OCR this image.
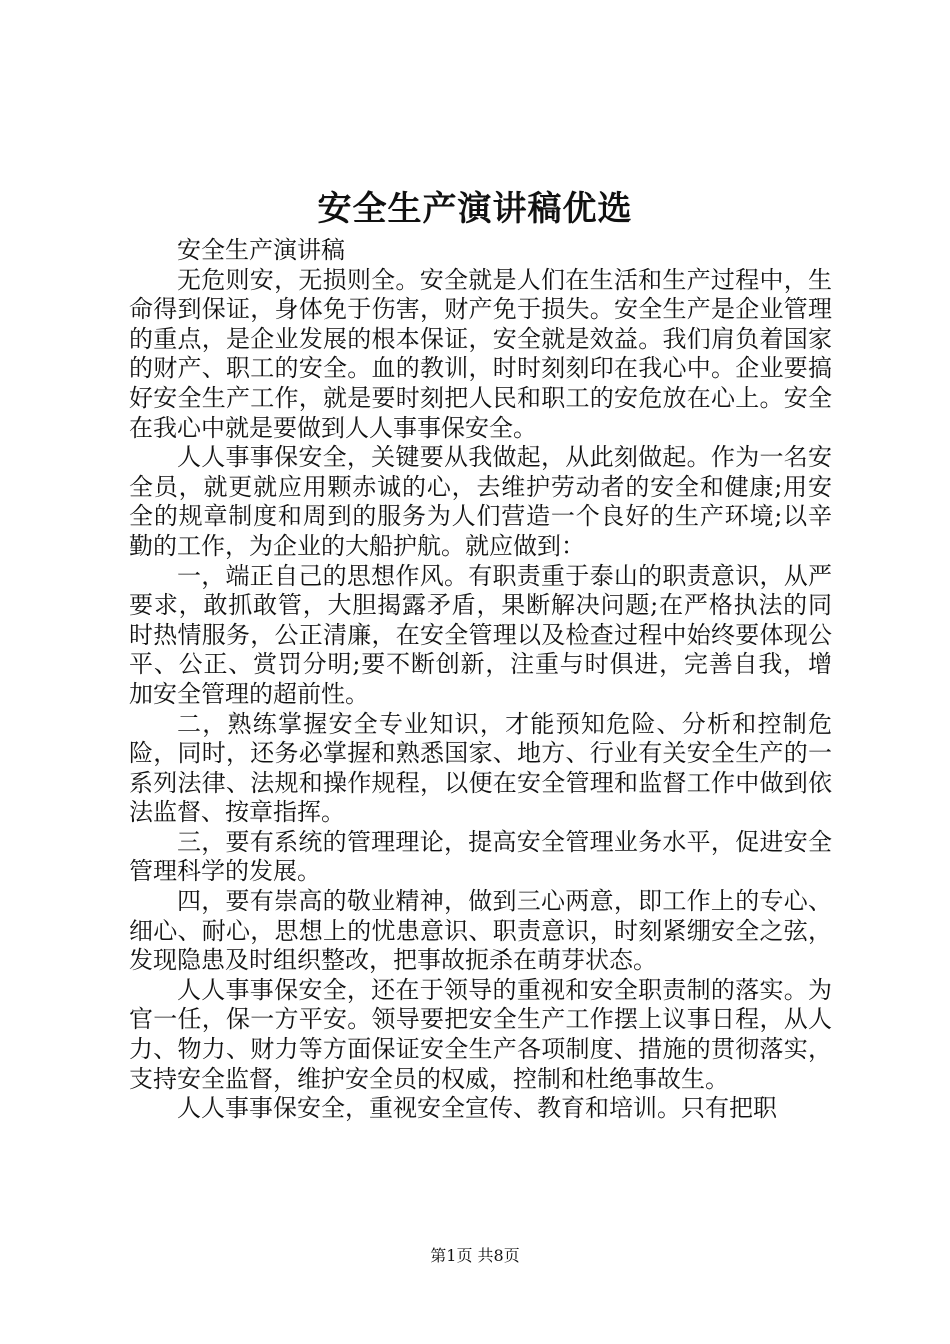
安全生产演讲稿优选

安全生产演讲稿

无危则安，无损则全。安全就是人们在生活和生产过程中，生命得到保证，身体免于伤害，财产免于损失。安全生产是企业管理的重点，是企业发展的根本保证，安全就是效益。我们肩负着国家的财产、职工的安全。血的教训，时时刻刻印在我心中。企业要搞好安全生产工作，就是要时刻把人民和职工的安危放在心上。安全在我心中就是要做到人人事事保安全。

人人事事保安全，关键要从我做起，从此刻做起。作为一名安全员，就更就应用颗赤诚的心，去维护劳动者的安全和健康;用安全的规章制度和周到的服务为人们营造一个良好的生产环境;以辛勤的工作，为企业的大船护航。就应做到：

一，端正自己的思想作风。有职责重于泰山的职责意识，从严要求，敢抓敢管，大胆揭露矛盾，果断解决问题;在严格执法的同时热情服务，公正清廉，在安全管理以及检查过程中始终要体现公平、公正、赏罚分明;要不断创新，注重与时俱进，完善自我，增加安全管理的超前性。

二，熟练掌握安全专业知识，才能预知危险、分析和控制危险，同时，还务必掌握和熟悉国家、地方、行业有关安全生产的一系列法律、法规和操作规程，以便在安全管理和监督工作中做到依法监督、按章指挥。

三，要有系统的管理理论，提高安全管理业务水平，促进安全管理科学的发展。

四，要有崇高的敬业精神，做到三心两意，即工作上的专心、细心、耐心，思想上的忧患意识、职责意识，时刻紧绷安全之弦，发现隐患及时组织整改，把事故扼杀在萌芽状态。

人人事事保安全，还在于领导的重视和安全职责制的落实。为官一任，保一方平安。领导要把安全生产工作摆上议事日程，从人力、物力、财力等方面保证安全生产各项制度、措施的贯彻落实，支持安全监督，维护安全员的权威，控制和杜绝事故生。

人人事事保安全，重视安全宣传、教育和培训。只有把职

第1页 共8页
